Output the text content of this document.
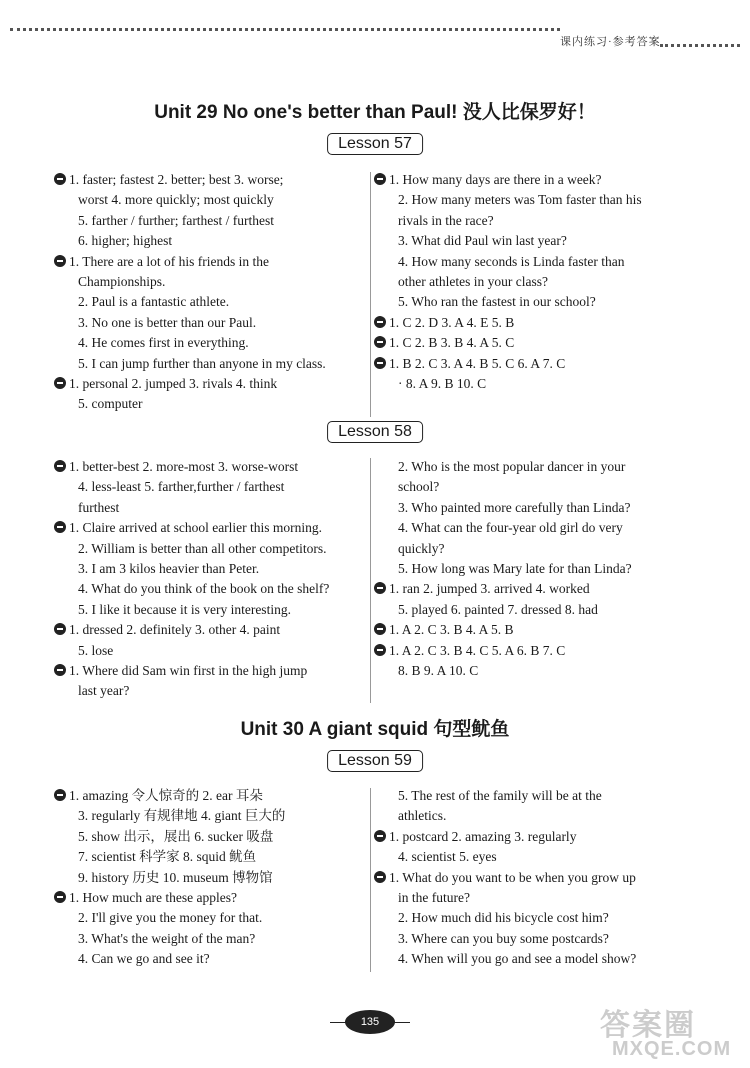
课内练习·参考答案
Unit 29 No one's better than Paul! 没人比保罗好！
Lesson 57
1. faster; fastest 2. better; best 3. worse;
worst 4. more quickly; most quickly
5. farther / further; farthest / furthest
6. higher; highest
1. There are a lot of his friends in the
Championships.
2. Paul is a fantastic athlete.
3. No one is better than our Paul.
4. He comes first in everything.
5. I can jump further than anyone in my class.
1. personal 2. jumped 3. rivals 4. think
5. computer
1. How many days are there in a week?
2. How many meters was Tom faster than his
rivals in the race?
3. What did Paul win last year?
4. How many seconds is Linda faster than
other athletes in your class?
5. Who ran the fastest in our school?
1. C 2. D 3. A 4. E 5. B
1. C 2. B 3. B 4. A 5. C
1. B 2. C 3. A 4. B 5. C 6. A 7. C
· 8. A 9. B 10. C
Lesson 58
1. better-best 2. more-most 3. worse-worst
4. less-least 5. farther,further / farthest
furthest
1. Claire arrived at school earlier this morning.
2. William is better than all other competitors.
3. I am 3 kilos heavier than Peter.
4. What do you think of the book on the shelf?
5. I like it because it is very interesting.
1. dressed 2. definitely 3. other 4. paint
5. lose
1. Where did Sam win first in the high jump
last year?
2. Who is the most popular dancer in your
school?
3. Who painted more carefully than Linda?
4. What can the four-year old girl do very
quickly?
5. How long was Mary late for than Linda?
1. ran 2. jumped 3. arrived 4. worked
5. played 6. painted 7. dressed 8. had
1. A 2. C 3. B 4. A 5. B
1. A 2. C 3. B 4. C 5. A 6. B 7. C
8. B 9. A 10. C
Unit 30 A giant squid 句型鱿鱼
Lesson 59
1. amazing 令人惊奇的 2. ear 耳朵
3. regularly 有规律地 4. giant 巨大的
5. show 出示，展出 6. sucker 吸盘
7. scientist 科学家 8. squid 鱿鱼
9. history 历史 10. museum 博物馆
1. How much are these apples?
2. I'll give you the money for that.
3. What's the weight of the man?
4. Can we go and see it?
5. The rest of the family will be at the
athletics.
1. postcard 2. amazing 3. regularly
4. scientist 5. eyes
1. What do you want to be when you grow up
in the future?
2. How much did his bicycle cost him?
3. Where can you buy some postcards?
4. When will you go and see a model show?
135	答案圈
MXQE.COM
